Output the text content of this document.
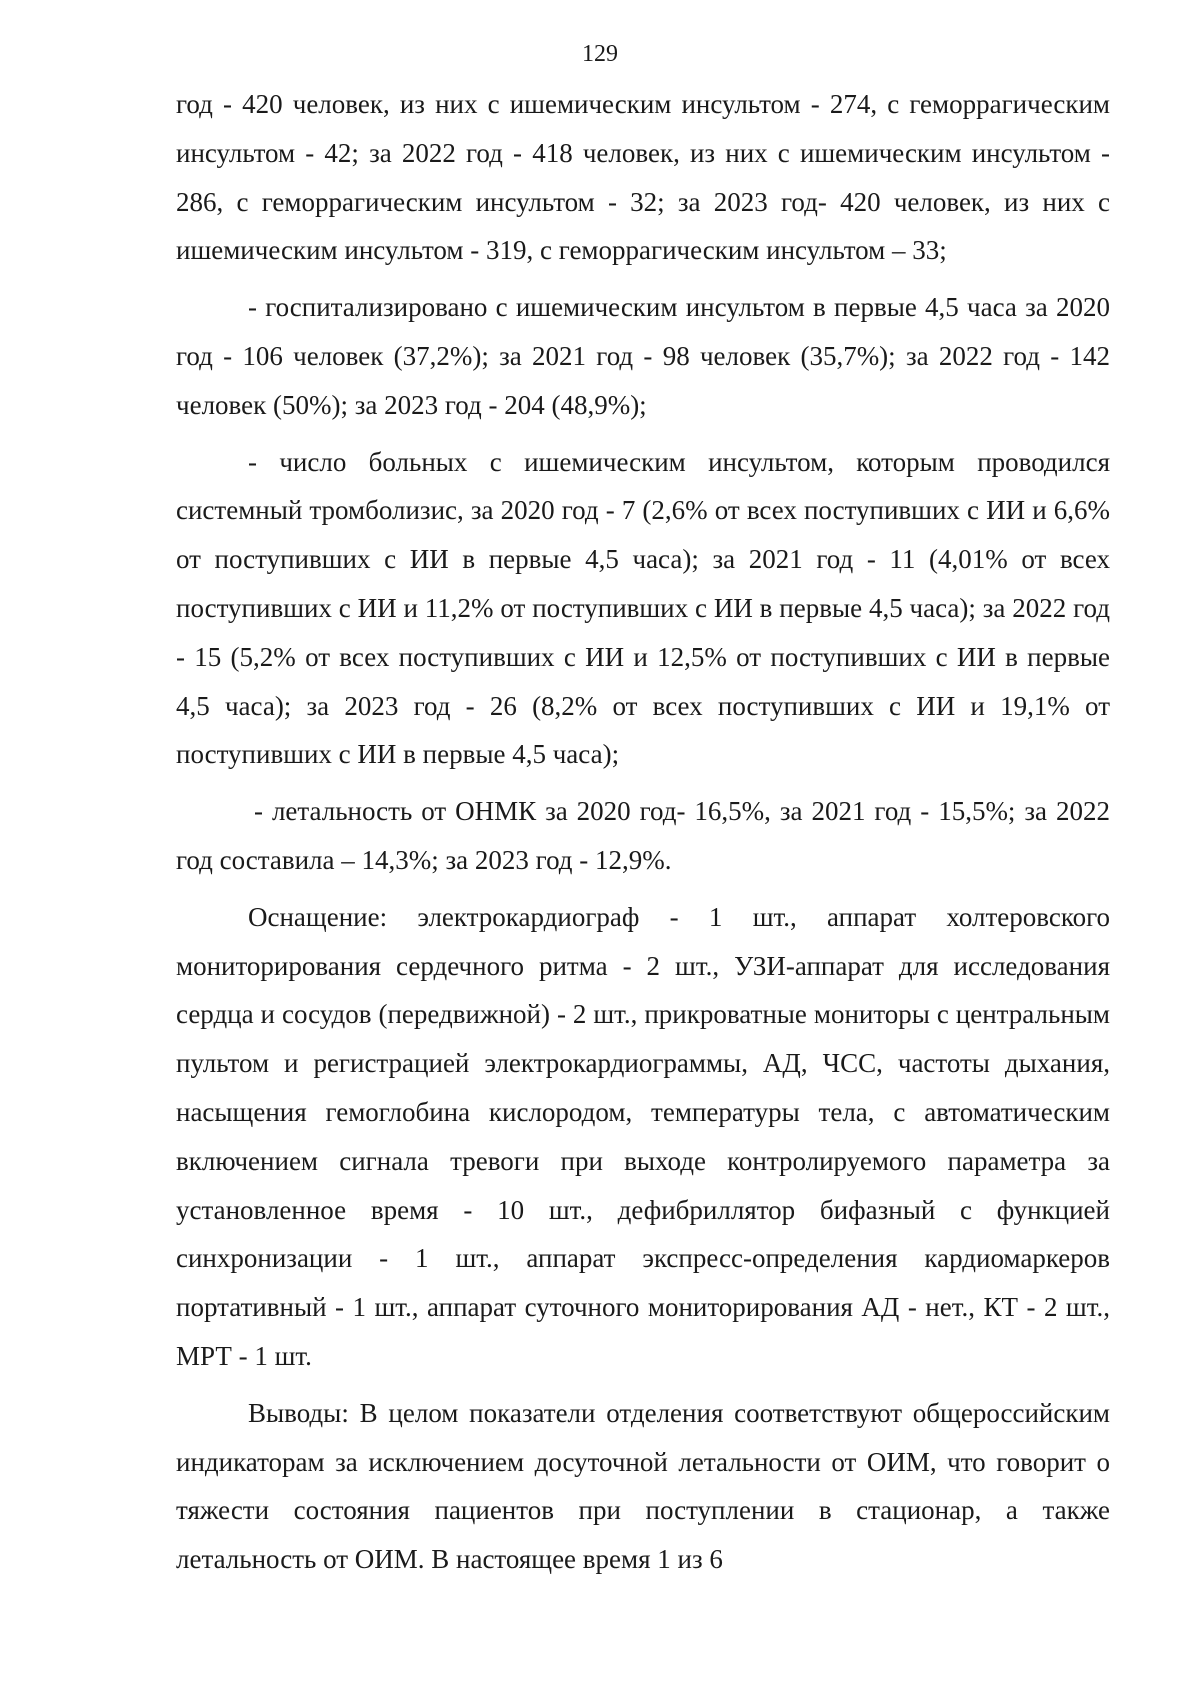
129

год - 420 человек, из них с ишемическим инсультом - 274, с геморрагическим инсультом - 42; за 2022 год - 418 человек, из них с ишемическим инсультом - 286, с геморрагическим инсультом - 32; за 2023 год- 420 человек, из них с ишемическим инсультом - 319, с геморрагическим инсультом – 33;

- госпитализировано с ишемическим инсультом в первые 4,5 часа за 2020 год - 106 человек (37,2%); за 2021 год - 98 человек (35,7%); за 2022 год - 142 человек (50%); за 2023 год - 204 (48,9%);

- число больных с ишемическим инсультом, которым проводился системный тромболизис, за 2020 год - 7 (2,6% от всех поступивших с ИИ и 6,6% от поступивших с ИИ в первые 4,5 часа); за 2021 год - 11 (4,01% от всех поступивших с ИИ и 11,2% от поступивших с ИИ в первые 4,5 часа); за 2022 год - 15 (5,2% от всех поступивших с ИИ и 12,5% от поступивших с ИИ в первые 4,5 часа); за 2023 год - 26 (8,2% от всех поступивших с ИИ и 19,1% от поступивших с ИИ в первые 4,5 часа);

- летальность от ОНМК за 2020 год- 16,5%, за 2021 год - 15,5%; за 2022 год составила – 14,3%; за 2023 год - 12,9%.

Оснащение: электрокардиограф - 1 шт., аппарат холтеровского мониторирования сердечного ритма - 2 шт., УЗИ-аппарат для исследования сердца и сосудов (передвижной) - 2 шт., прикроватные мониторы с центральным пультом и регистрацией электрокардиограммы, АД, ЧСС, частоты дыхания, насыщения гемоглобина кислородом, температуры тела, с автоматическим включением сигнала тревоги при выходе контролируемого параметра за установленное время - 10 шт., дефибриллятор бифазный с функцией синхронизации - 1 шт., аппарат экспресс-определения кардиомаркеров портативный - 1 шт., аппарат суточного мониторирования АД - нет., КТ - 2 шт., МРТ - 1 шт.

Выводы: В целом показатели отделения соответствуют общероссийским индикаторам за исключением досуточной летальности от ОИМ, что говорит о тяжести состояния пациентов при поступлении в стационар, а также летальность от ОИМ. В настоящее время 1 из 6
